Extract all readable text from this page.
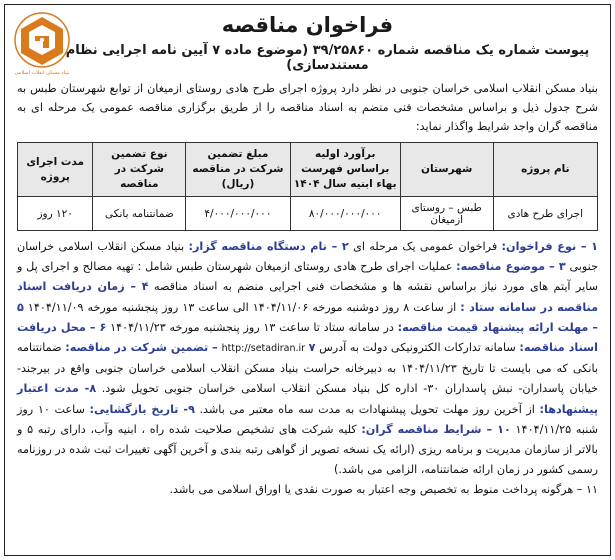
بنیاد مسکن انقلاب اسلامی
فراخوان مناقصه
پیوست شماره یک مناقصه شماره ۳۹/۲۵۸۶۰ (موضوع ماده ۷ آیین نامه اجرایی نظام مستندسازی)

بنیاد مسکن انقلاب اسلامی خراسان جنوبی در نظر دارد پروژه اجرای طرح هادی روستای ازمیغان از توابع شهرستان طبس به شرح جدول ذیل و براساس مشخصات فنی منضم به اسناد مناقصه را از طریق برگزاری مناقصه عمومی یک مرحله ای به مناقصه گران واجد شرایط واگذار نماید:

نام پروژه	شهرستان	برآورد اولیه براساس فهرست بهاء ابنیه سال ۱۴۰۴	مبلغ تضمین شرکت در مناقصه (ریال)	نوع تضمین شرکت در مناقصه	مدت اجرای پروژه
اجرای طرح هادی	طبس – روستای ازمیغان	۸۰/۰۰۰/۰۰۰/۰۰۰	۴/۰۰۰/۰۰۰/۰۰۰	ضمانتنامه بانکی	۱۲۰ روز

۱ – نوع فراخوان: فراخوان عمومی یک مرحله ای ۲ – نام دستگاه مناقصه گزار: بنیاد مسکن انقلاب اسلامی خراسان جنوبی ۳ – موضوع مناقصه: عملیات اجرای طرح هادی روستای ازمیغان شهرستان طبس شامل : تهیه مصالح و اجرای پل و سایر آیتم های مورد نیاز براساس نقشه ها و مشخصات فنی اجرایی منضم به اسناد مناقصه ۴ – زمان دریافت اسناد مناقصه در سامانه ستاد : از ساعت ۸ روز دوشنبه مورخه ۱۴۰۴/۱۱/۰۶ الی ساعت ۱۳ روز پنجشنبه مورخه ۱۴۰۴/۱۱/۰۹ ۵ – مهلت ارائه پیشنهاد قیمت مناقصه: در سامانه ستاد تا ساعت ۱۳ روز پنجشنبه مورخه ۱۴۰۴/۱۱/۲۳ ۶ – محل دریافت اسناد مناقصه: سامانه تدارکات الکترونیکی دولت به آدرس http://setadiran.ir ۷ – تضمین شرکت در مناقصه: ضمانتنامه بانکی که می بایست تا تاریخ ۱۴۰۴/۱۱/۲۳ به دبیرخانه حراست بنیاد مسکن انقلاب اسلامی خراسان جنوبی واقع در بیرجند- خیابان پاسداران- نبش پاسداران ۳۰- اداره کل بنیاد مسکن انقلاب اسلامی خراسان جنوبی تحویل شود. ۸- مدت اعتبار پیشنهادها: از آخرین روز مهلت تحویل پیشنهادات به مدت سه ماه معتبر می باشد. ۹- تاریخ بازگشایی: ساعت ۱۰ روز شنبه ۱۴۰۴/۱۱/۲۵ ۱۰ – شرایط مناقصه گران: کلیه شرکت های تشخیص صلاحیت شده راه ، ابنیه وآب، دارای رتبه ۵ و بالاتر از سازمان مدیریت و برنامه ریزی (ارائه یک نسخه تصویر از گواهی رتبه بندی و آخرین آگهی تغییرات ثبت شده در روزنامه رسمی کشور در زمان ارائه ضمانتنامه، الزامی می باشد.)
۱۱ – هرگونه پرداخت منوط به تخصیص وجه اعتبار به صورت نقدی یا اوراق اسلامی می باشد.
